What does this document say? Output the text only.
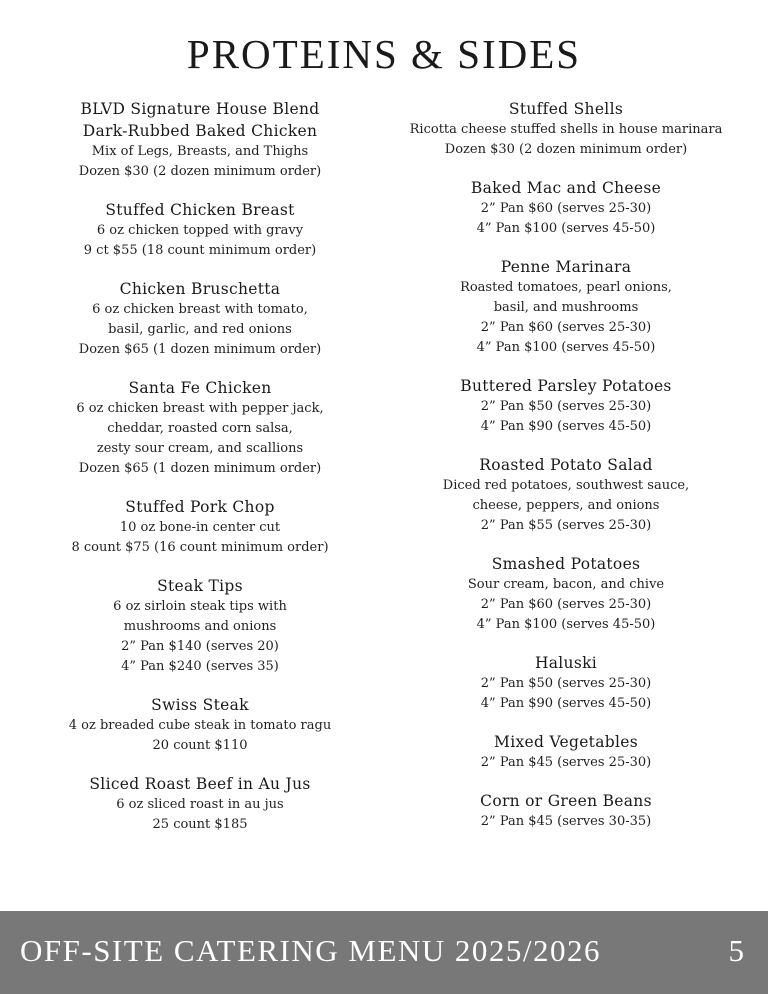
PROTEINS & SIDES
BLVD Signature House Blend
Dark-Rubbed Baked Chicken
Mix of Legs, Breasts, and Thighs
Dozen $30 (2 dozen minimum order)
Stuffed Chicken Breast
6 oz chicken topped with gravy
9 ct $55 (18 count minimum order)
Chicken Bruschetta
6 oz chicken breast with tomato,
basil, garlic, and red onions
Dozen $65 (1 dozen minimum order)
Santa Fe Chicken
6 oz chicken breast with pepper jack,
cheddar, roasted corn salsa,
zesty sour cream, and scallions
Dozen $65 (1 dozen minimum order)
Stuffed Pork Chop
10 oz bone-in center cut
8 count $75 (16 count minimum order)
Steak Tips
6 oz sirloin steak tips with
mushrooms and onions
2” Pan $140 (serves 20)
4” Pan $240 (serves 35)
Swiss Steak
4 oz breaded cube steak in tomato ragu
20 count $110
Sliced Roast Beef in Au Jus
6 oz sliced roast in au jus
25 count $185
Stuffed Shells
Ricotta cheese stuffed shells in house marinara
Dozen $30 (2 dozen minimum order)
Baked Mac and Cheese
2” Pan $60 (serves 25-30)
4” Pan $100 (serves 45-50)
Penne Marinara
Roasted tomatoes, pearl onions,
basil, and mushrooms
2” Pan $60 (serves 25-30)
4” Pan $100 (serves 45-50)
Buttered Parsley Potatoes
2” Pan $50 (serves 25-30)
4” Pan $90 (serves 45-50)
Roasted Potato Salad
Diced red potatoes, southwest sauce,
cheese, peppers, and onions
2” Pan $55 (serves 25-30)
Smashed Potatoes
Sour cream, bacon, and chive
2” Pan $60 (serves 25-30)
4” Pan $100 (serves 45-50)
Haluski
2” Pan $50 (serves 25-30)
4” Pan $90 (serves 45-50)
Mixed Vegetables
2” Pan $45 (serves 25-30)
Corn or Green Beans
2” Pan $45 (serves 30-35)
OFF-SITE CATERING MENU 2025/2026	5
